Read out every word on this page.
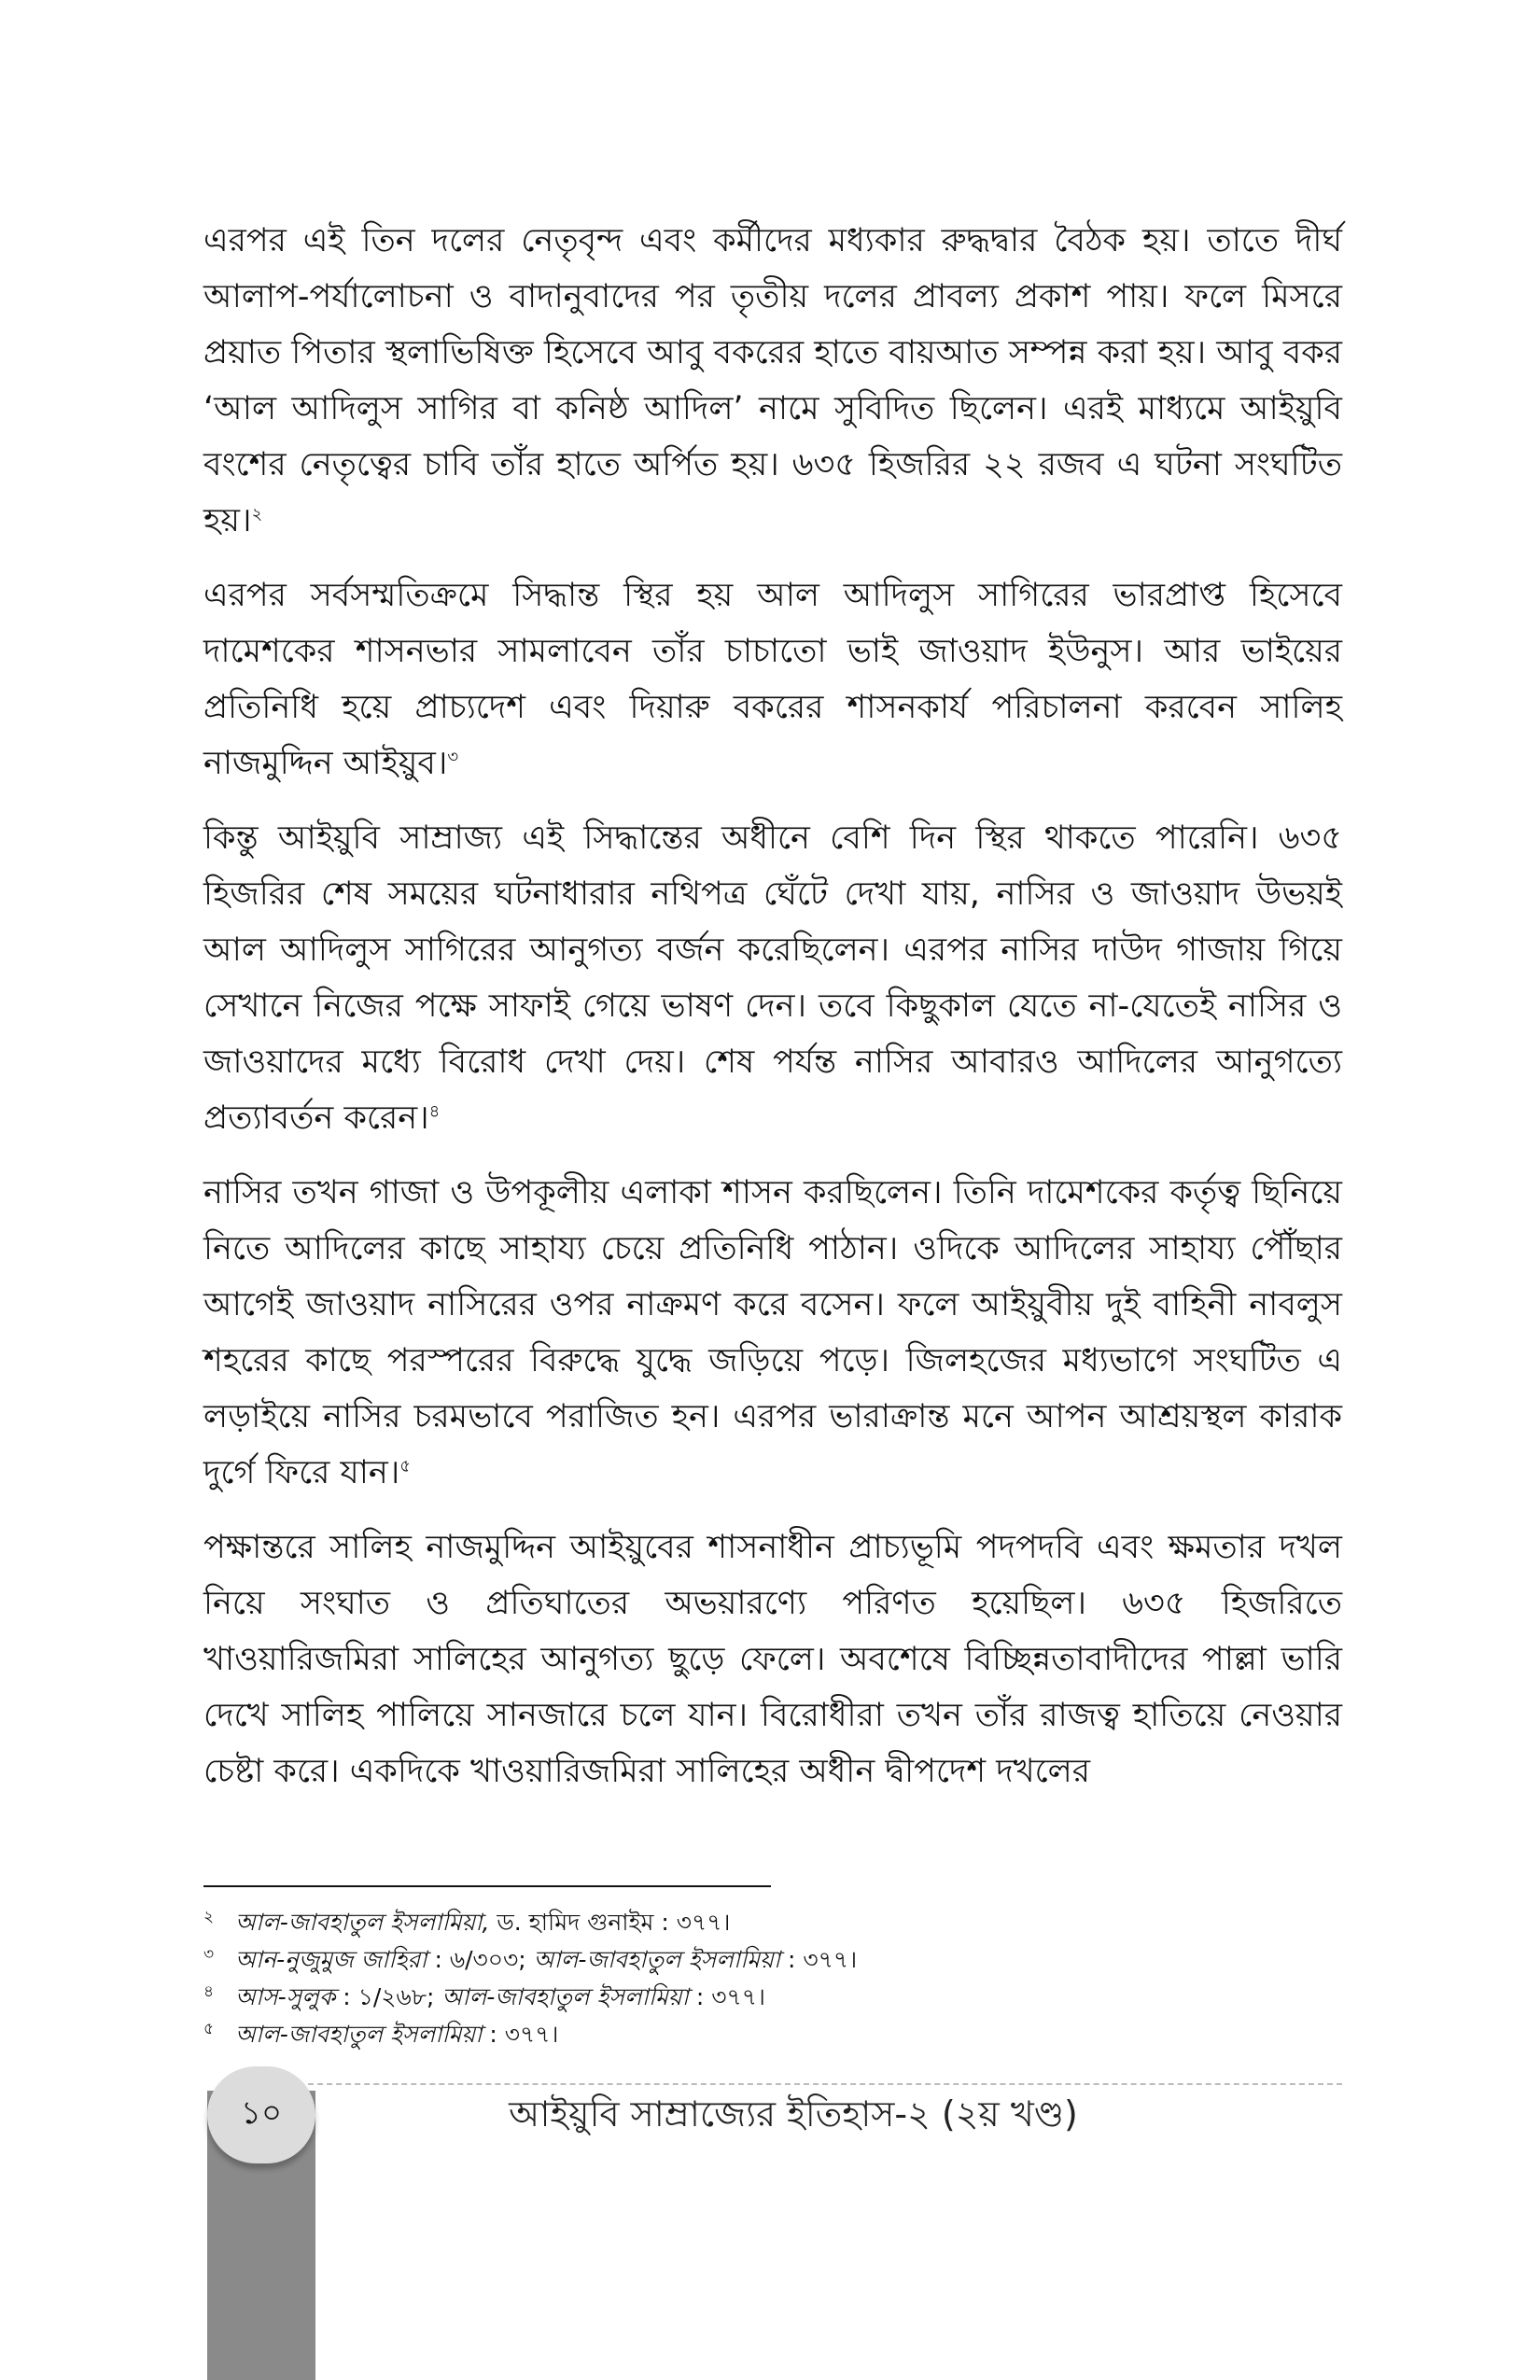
এরপর এই তিন দলের নেতৃবৃন্দ এবং কর্মীদের মধ্যকার রুদ্ধদ্বার বৈঠক হয়। তাতে দীর্ঘ আলাপ-পর্যালোচনা ও বাদানুবাদের পর তৃতীয় দলের প্রাবল্য প্রকাশ পায়। ফলে মিসরে প্রয়াত পিতার স্থলাভিষিক্ত হিসেবে আবু বকরের হাতে বায়আত সম্পন্ন করা হয়। আবু বকর ‘আল আদিলুস সাগির বা কনিষ্ঠ আদিল’ নামে সুবিদিত ছিলেন। এরই মাধ্যমে আইয়ুবি বংশের নেতৃত্বের চাবি তাঁর হাতে অর্পিত হয়। ৬৩৫ হিজরির ২২ রজব এ ঘটনা সংঘটিত হয়।$^২$

এরপর সর্বসম্মতিক্রমে সিদ্ধান্ত স্থির হয় আল আদিলুস সাগিরের ভারপ্রাপ্ত হিসেবে দামেশকের শাসনভার সামলাবেন তাঁর চাচাতো ভাই জাওয়াদ ইউনুস। আর ভাইয়ের প্রতিনিধি হয়ে প্রাচ্যদেশ এবং দিয়ারু বকরের শাসনকার্য পরিচালনা করবেন সালিহ নাজমুদ্দিন আইয়ুব।$^৩$

কিন্তু আইয়ুবি সাম্রাজ্য এই সিদ্ধান্তের অধীনে বেশি দিন স্থির থাকতে পারেনি। ৬৩৫ হিজরির শেষ সময়ের ঘটনাধারার নথিপত্র ঘেঁটে দেখা যায়, নাসির ও জাওয়াদ উভয়ই আল আদিলুস সাগিরের আনুগত্য বর্জন করেছিলেন। এরপর নাসির দাউদ গাজায় গিয়ে সেখানে নিজের পক্ষে সাফাই গেয়ে ভাষণ দেন। তবে কিছুকাল যেতে না-যেতেই নাসির ও জাওয়াদের মধ্যে বিরোধ দেখা দেয়। শেষ পর্যন্ত নাসির আবারও আদিলের আনুগত্যে প্রত্যাবর্তন করেন।$^৪$

নাসির তখন গাজা ও উপকূলীয় এলাকা শাসন করছিলেন। তিনি দামেশকের কর্তৃত্ব ছিনিয়ে নিতে আদিলের কাছে সাহায্য চেয়ে প্রতিনিধি পাঠান। ওদিকে আদিলের সাহায্য পৌঁছার আগেই জাওয়াদ নাসিরের ওপর নাক্রমণ করে বসেন। ফলে আইয়ুবীয় দুই বাহিনী নাবলুস শহরের কাছে পরস্পরের বিরুদ্ধে যুদ্ধে জড়িয়ে পড়ে। জিলহজের মধ্যভাগে সংঘটিত এ লড়াইয়ে নাসির চরমভাবে পরাজিত হন। এরপর ভারাক্রান্ত মনে আপন আশ্রয়স্থল কারাক দুর্গে ফিরে যান।$^৫$

পক্ষান্তরে সালিহ নাজমুদ্দিন আইয়ুবের শাসনাধীন প্রাচ্যভূমি পদপদবি এবং ক্ষমতার দখল নিয়ে সংঘাত ও প্রতিঘাতের অভয়ারণ্যে পরিণত হয়েছিল। ৬৩৫ হিজরিতে খাওয়ারিজমিরা সালিহের আনুগত্য ছুড়ে ফেলে। অবশেষে বিচ্ছিন্নতাবাদীদের পাল্লা ভারি দেখে সালিহ পালিয়ে সানজারে চলে যান। বিরোধীরা তখন তাঁর রাজত্ব হাতিয়ে নেওয়ার চেষ্টা করে। একদিকে খাওয়ারিজমিরা সালিহের অধীন দ্বীপদেশ দখলের

২ আল-জাবহাতুল ইসলামিয়া, ড. হামিদ গুনাইম : ৩৭৭।
৩ আন-নুজুমুজ জাহিরা : ৬/৩০৩; আল-জাবহাতুল ইসলামিয়া : ৩৭৭।
৪ আস-সুলুক : ১/২৬৮; আল-জাবহাতুল ইসলামিয়া : ৩৭৭।
৫ আল-জাবহাতুল ইসলামিয়া : ৩৭৭।
১০	আইয়ুবি সাম্রাজ্যের ইতিহাস-২ (২য় খণ্ড)
